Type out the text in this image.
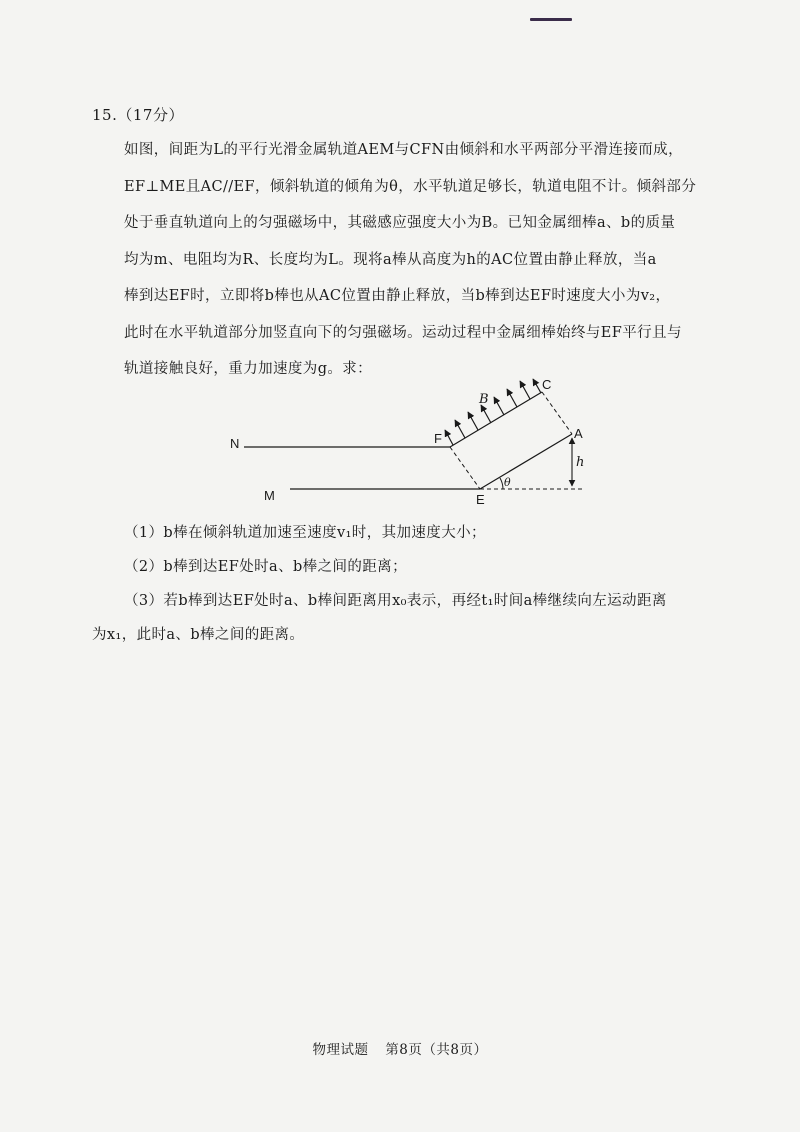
15.（17分）
如图，间距为L的平行光滑金属轨道AEM与CFN由倾斜和水平两部分平滑连接而成，
EF⊥ME且AC//EF，倾斜轨道的倾角为θ，水平轨道足够长，轨道电阻不计。倾斜部分
处于垂直轨道向上的匀强磁场中，其磁感应强度大小为B。已知金属细棒a、b的质量
均为m、电阻均为R、长度均为L。现将a棒从高度为h的AC位置由静止释放，当a
棒到达EF时，立即将b棒也从AC位置由静止释放，当b棒到达EF时速度大小为v₂，
此时在水平轨道部分加竖直向下的匀强磁场。运动过程中金属细棒始终与EF平行且与
轨道接触良好，重力加速度为g。求：
N
M
F
E
A
C
B
h
θ
（1）b棒在倾斜轨道加速至速度v₁时，其加速度大小；
（2）b棒到达EF处时a、b棒之间的距离；
（3）若b棒到达EF处时a、b棒间距离用x₀表示，再经t₁时间a棒继续向左运动距离
为x₁，此时a、b棒之间的距离。
物理试题 第8页（共8页）
